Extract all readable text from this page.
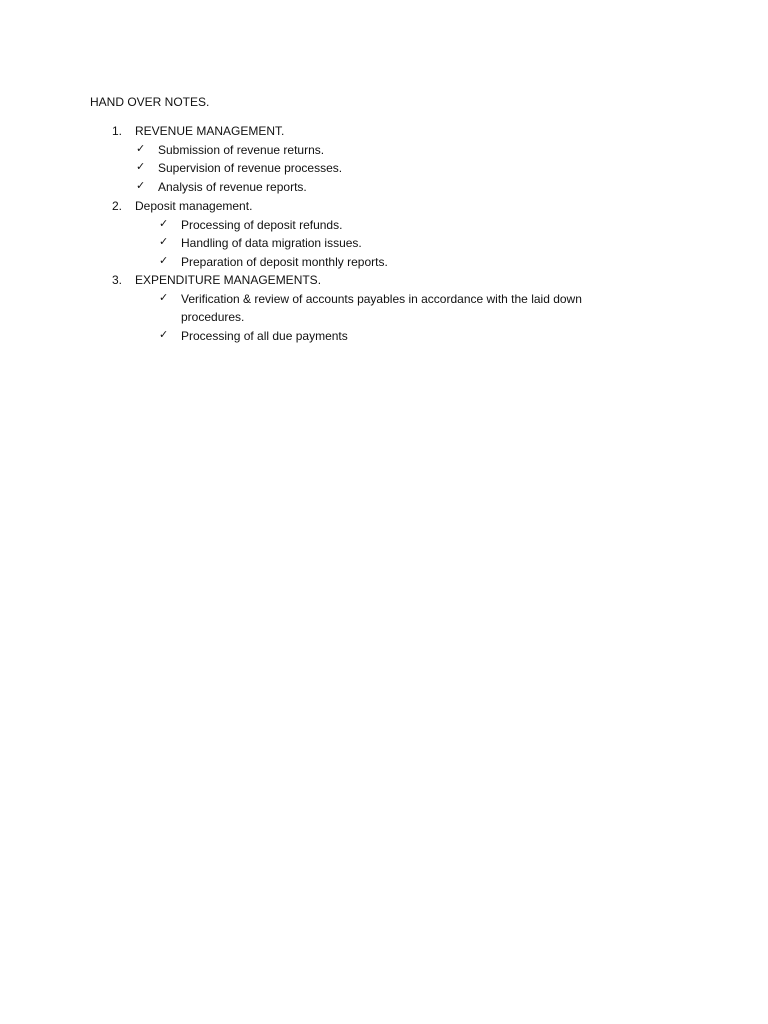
HAND OVER NOTES.
1. REVENUE MANAGEMENT.
✓ Submission of revenue returns.
✓ Supervision of revenue processes.
✓ Analysis of revenue reports.
2. Deposit management.
✓ Processing of deposit refunds.
✓ Handling of data migration issues.
✓ Preparation of deposit monthly reports.
3. EXPENDITURE MANAGEMENTS.
✓ Verification & review of accounts payables in accordance with the laid down procedures.
✓ Processing of all due payments
